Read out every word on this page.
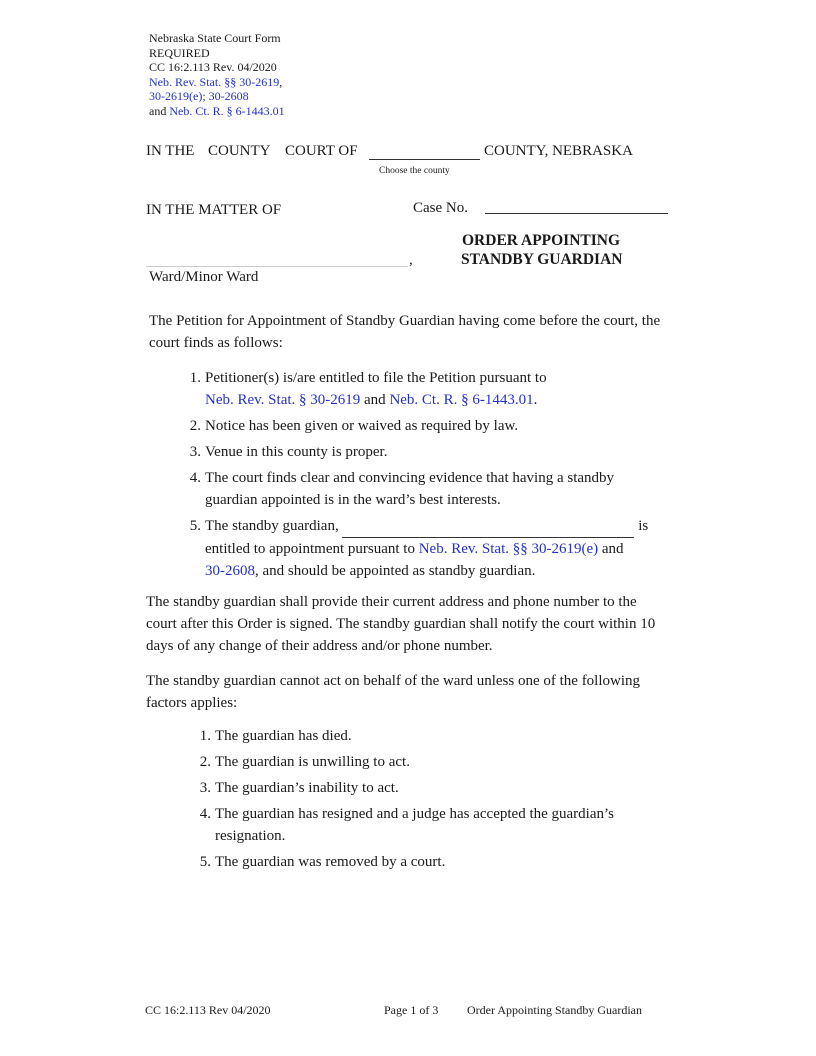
Nebraska State Court Form
REQUIRED
CC 16:2.113 Rev. 04/2020
Neb. Rev. Stat. §§ 30-2619,
30-2619(e); 30-2608
and Neb. Ct. R. § 6-1443.01
IN THE COUNTY COURT OF	COUNTY, NEBRASKA
Choose the county
IN THE MATTER OF	Case No.
ORDER APPOINTING
STANDBY GUARDIAN
,
Ward/Minor Ward
The Petition for Appointment of Standby Guardian having come before the court, the court finds as follows:
1 . Petitioner(s) is/are entitled to file the Petition pursuant to
Neb. Rev. Stat. § 30-2619 and Neb. Ct. R. § 6-1443.01.
2 . Notice has been given or waived as required by law.
3 . Venue in this county is proper.
4 . The court finds clear and convincing evidence that having a standby guardian appointed is in the ward’s best interests.
5 . The standby guardian,	is
entitled to appointment pursuant to Neb. Rev. Stat. §§ 30-2619(e) and
30-2608, and should be appointed as standby guardian.
The standby guardian shall provide their current address and phone number to the court after this Order is signed. The standby guardian shall notify the court within 10 days of any change of their address and/or phone number.
The standby guardian cannot act on behalf of the ward unless one of the following factors applies:
1 . The guardian has died.
2 . The guardian is unwilling to act.
3 . The guardian’s inability to act.
4 . The guardian has resigned and a judge has accepted the guardian’s resignation.
5 . The guardian was removed by a court.
CC 16:2.113 Rev 04/2020	Page 1 of 3 Order Appointing Standby Guardian
